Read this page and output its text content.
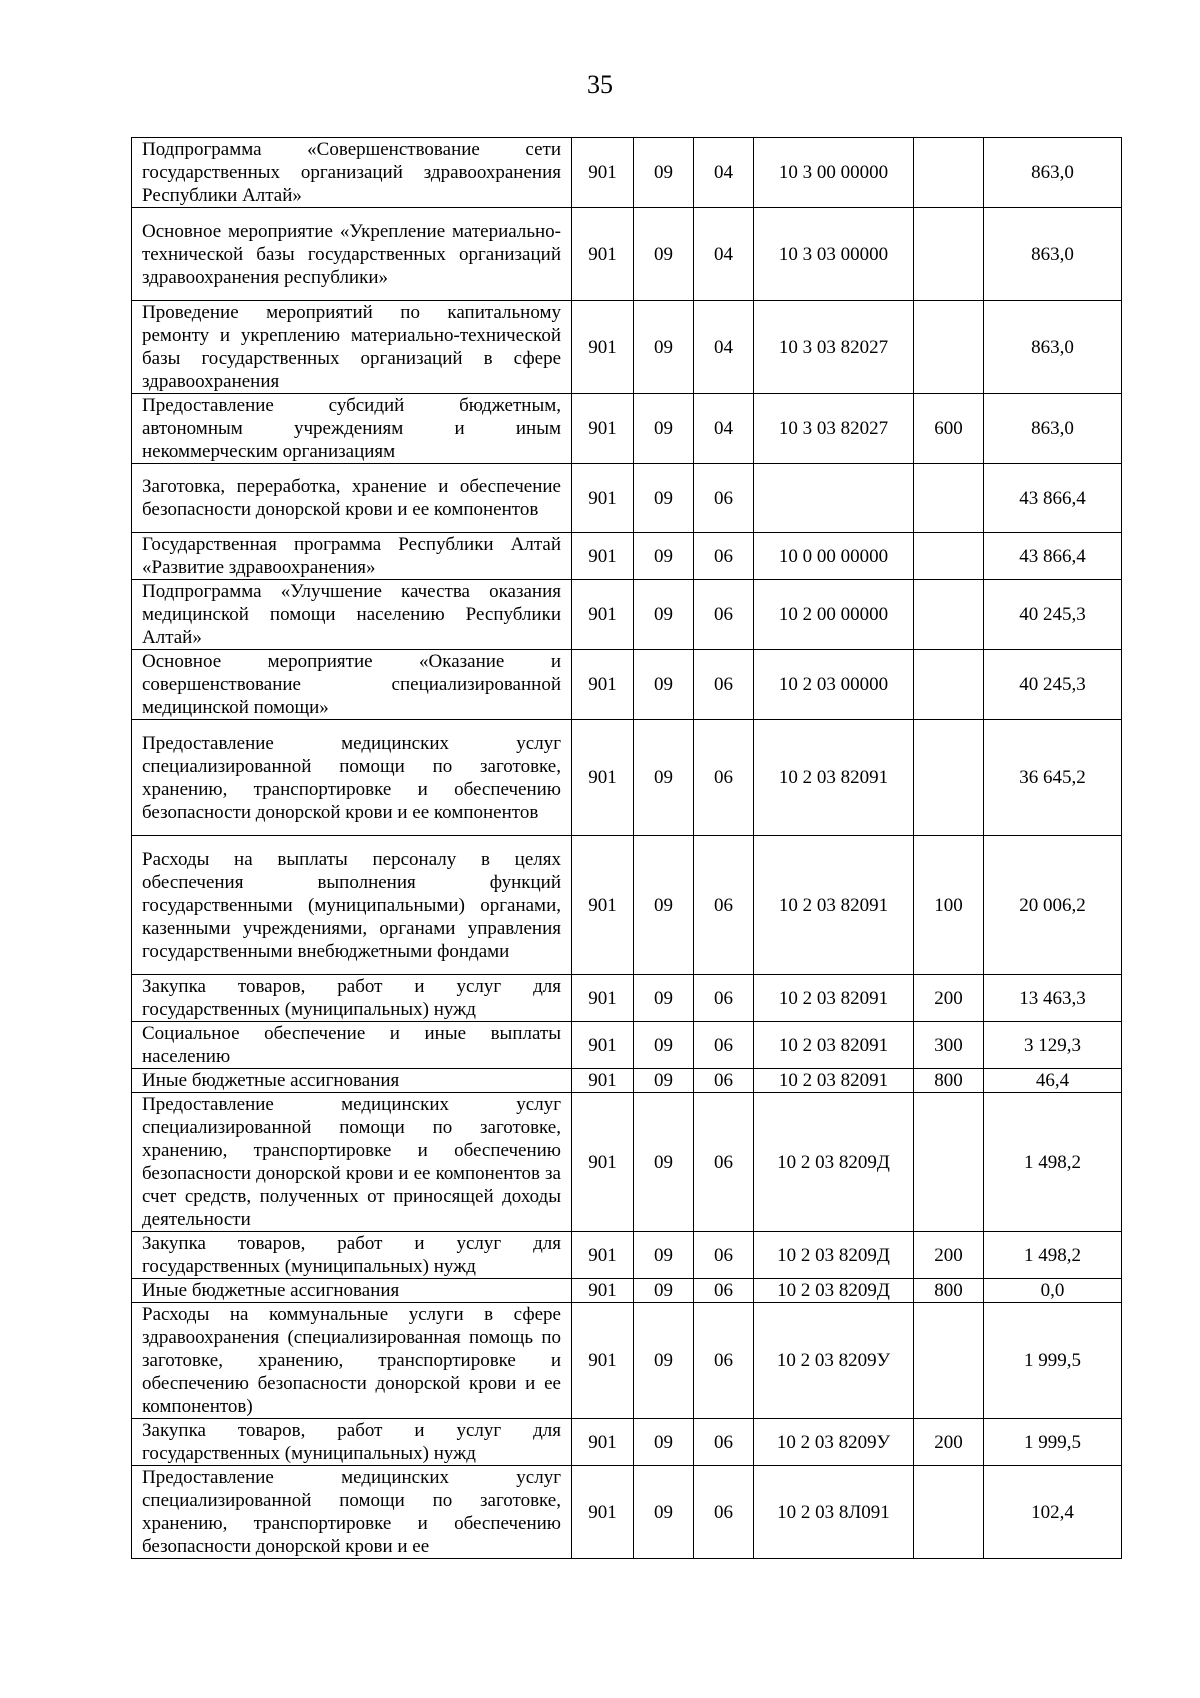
35
Подпрограмма «Совершенствование сети государственных организаций здравоохранения Республики Алтай»	901	09	04	10 3 00 00000		863,0
Основное мероприятие «Укрепление материально-технической базы государственных организаций здравоохранения республики»	901	09	04	10 3 03 00000		863,0
Проведение мероприятий по капитальному ремонту и укреплению материально-технической базы государственных организаций в сфере здравоохранения	901	09	04	10 3 03 82027		863,0
Предоставление субсидий бюджетным, автономным учреждениям и иным некоммерческим организациям	901	09	04	10 3 03 82027	600	863,0
Заготовка, переработка, хранение и обеспечение безопасности донорской крови и ее компонентов	901	09	06			43 866,4
Государственная программа Республики Алтай «Развитие здравоохранения»	901	09	06	10 0 00 00000		43 866,4
Подпрограмма «Улучшение качества оказания медицинской помощи населению Республики Алтай»	901	09	06	10 2 00 00000		40 245,3
Основное мероприятие «Оказание и совершенствование специализированной медицинской помощи»	901	09	06	10 2 03 00000		40 245,3
Предоставление медицинских услуг специализированной помощи по заготовке, хранению, транспортировке и обеспечению безопасности донорской крови и ее компонентов	901	09	06	10 2 03 82091		36 645,2
Расходы на выплаты персоналу в целях обеспечения выполнения функций государственными (муниципальными) органами, казенными учреждениями, органами управления государственными внебюджетными фондами	901	09	06	10 2 03 82091	100	20 006,2
Закупка товаров, работ и услуг для государственных (муниципальных) нужд	901	09	06	10 2 03 82091	200	13 463,3
Социальное обеспечение и иные выплаты населению	901	09	06	10 2 03 82091	300	3 129,3
Иные бюджетные ассигнования	901	09	06	10 2 03 82091	800	46,4
Предоставление медицинских услуг специализированной помощи по заготовке, хранению, транспортировке и обеспечению безопасности донорской крови и ее компонентов за счет средств, полученных от приносящей доходы деятельности	901	09	06	10 2 03 8209Д		1 498,2
Закупка товаров, работ и услуг для государственных (муниципальных) нужд	901	09	06	10 2 03 8209Д	200	1 498,2
Иные бюджетные ассигнования	901	09	06	10 2 03 8209Д	800	0,0
Расходы на коммунальные услуги в сфере здравоохранения (специализированная помощь по заготовке, хранению, транспортировке и обеспечению безопасности донорской крови и ее компонентов)	901	09	06	10 2 03 8209У		1 999,5
Закупка товаров, работ и услуг для государственных (муниципальных) нужд	901	09	06	10 2 03 8209У	200	1 999,5
Предоставление медицинских услуг специализированной помощи по заготовке, хранению, транспортировке и обеспечению безопасности донорской крови и ее	901	09	06	10 2 03 8Л091		102,4
